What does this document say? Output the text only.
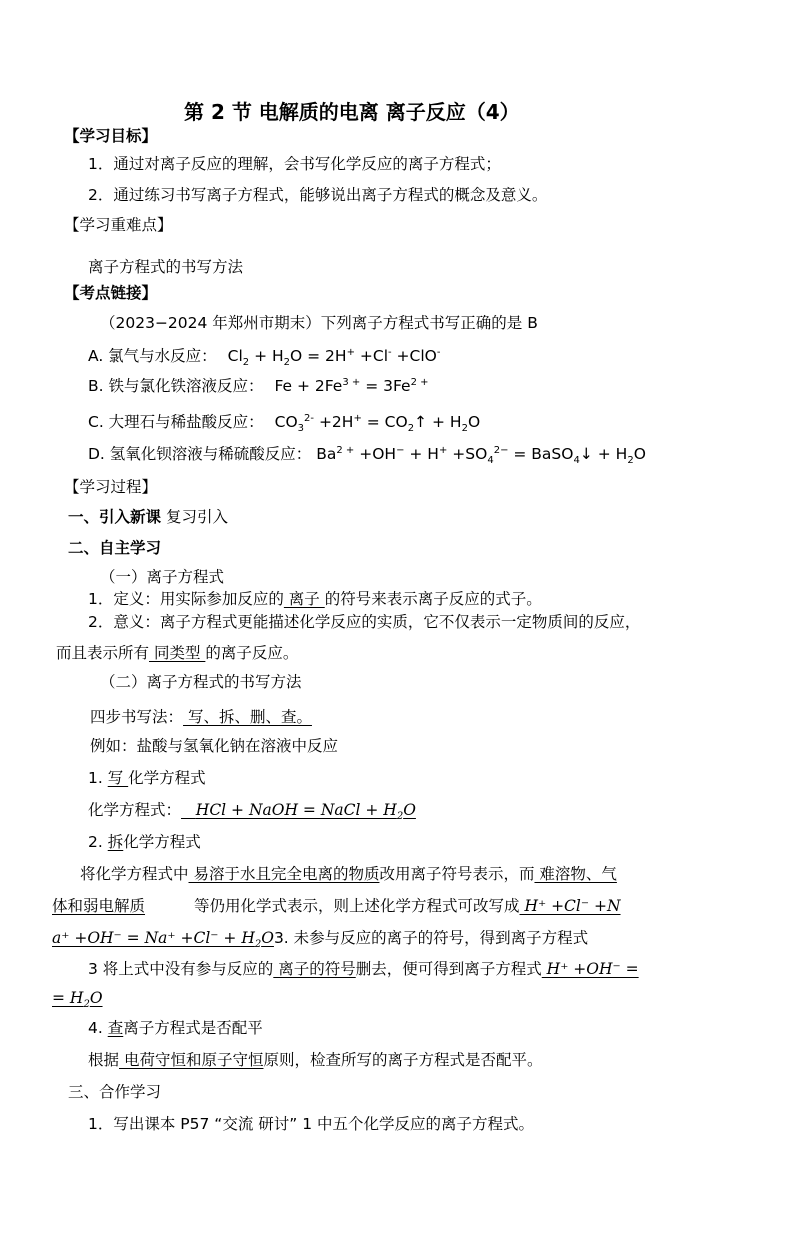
第 2 节 电解质的电离 离子反应（4）
【学习目标】
1．通过对离子反应的理解，会书写化学反应的离子方程式；
2．通过练习书写离子方程式，能够说出离子方程式的概念及意义。
【学习重难点】
离子方程式的书写方法
【考点链接】
（2023−2024 年郑州市期末）下列离子方程式书写正确的是 B
A. 氯气与水反应： $Cl_2 + H_2O = 2H^+ +Cl^- +ClO^-$
B. 铁与氯化铁溶液反应： $Fe + 2Fe^{3 +} = 3Fe^{2 +}$
C. 大理石与稀盐酸反应： $CO_3^{2-} +2H^+$ = $CO_2↑ + H_2O$
D. 氢氧化钡溶液与稀硫酸反应： $Ba^{2 +} +OH^- + H^+ +SO_4^{2-}$ = BaSO$_4$↓ + $H_2O$
【学习过程】
一、引入新课 复习引入
二、自主学习
（一）离子方程式
1．定义：用实际参加反应的 离子 的符号来表示离子反应的式子。
2．意义：离子方程式更能描述化学反应的实质，它不仅表示一定物质间的反应，
而且表示所有 同类型 的离子反应。
（二）离子方程式的书写方法
四步书写法： 写、拆、删、查。
例如：盐酸与氢氧化钠在溶液中反应
1. 写 化学方程式
化学方程式： HCl + NaOH = NaCl + $H_2O$
2. 拆化学方程式
将化学方程式中 易溶于水且完全电离的物质改用离子符号表示，而 难溶物、气
体和弱电解质	等仍用化学式表示，则上述化学方程式可改写成 H⁺ +Cl⁻ +N
$a^+ +OH^- = Na^+ +Cl^- + H_2O3$. 未参与反应的离子的符号，得到离子方程式
3 将上式中没有参与反应的 离子的符号删去，便可得到离子方程式 H⁺ +OH⁻ =
= $H_2O$
4. 查离子方程式是否配平
根据 电荷守恒和原子守恒原则，检查所写的离子方程式是否配平。
三、合作学习
1．写出课本 P57 “交流 研讨” 1 中五个化学反应的离子方程式。
